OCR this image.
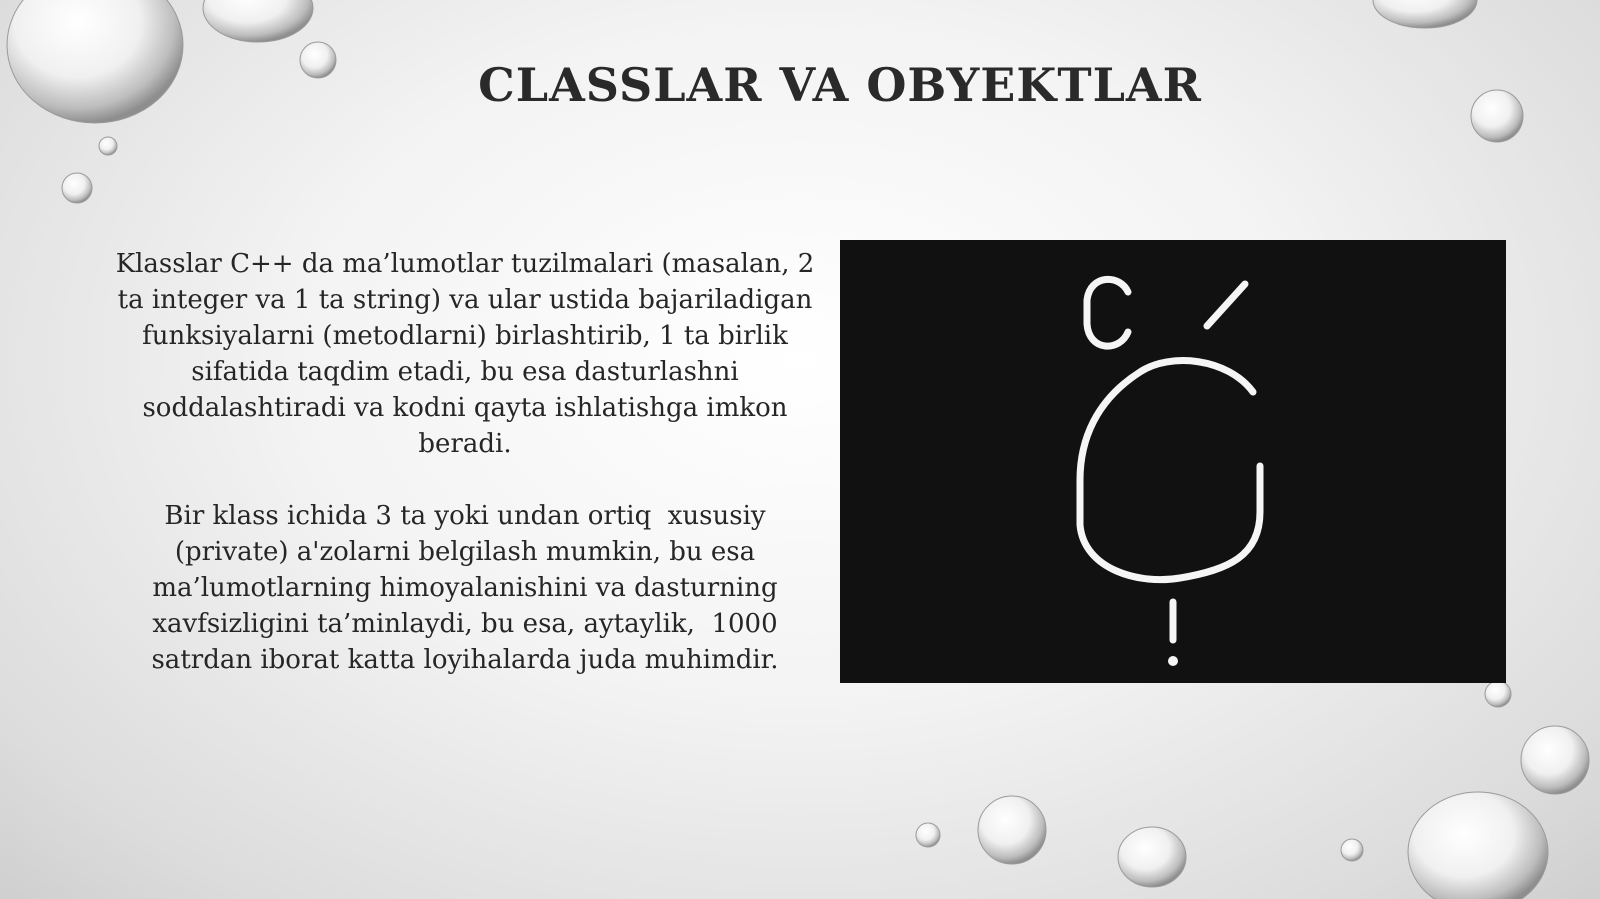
CLASSLAR VA OBYEKTLAR

Klasslar C++ da ma’lumotlar tuzilmalari (masalan, 2 ta integer va 1 ta string) va ular ustida bajariladigan funksiyalarni (metodlarni) birlashtirib, 1 ta birlik sifatida taqdim etadi, bu esa dasturlashni soddalashtiradi va kodni qayta ishlatishga imkon beradi.

Bir klass ichida 3 ta yoki undan ortiq  xususiy (private) a'zolarni belgilash mumkin, bu esa ma’lumotlarning himoyalanishini va dasturning xavfsizligini ta’minlaydi, bu esa, aytaylik,  1000 satrdan iborat katta loyihalarda juda muhimdir.
